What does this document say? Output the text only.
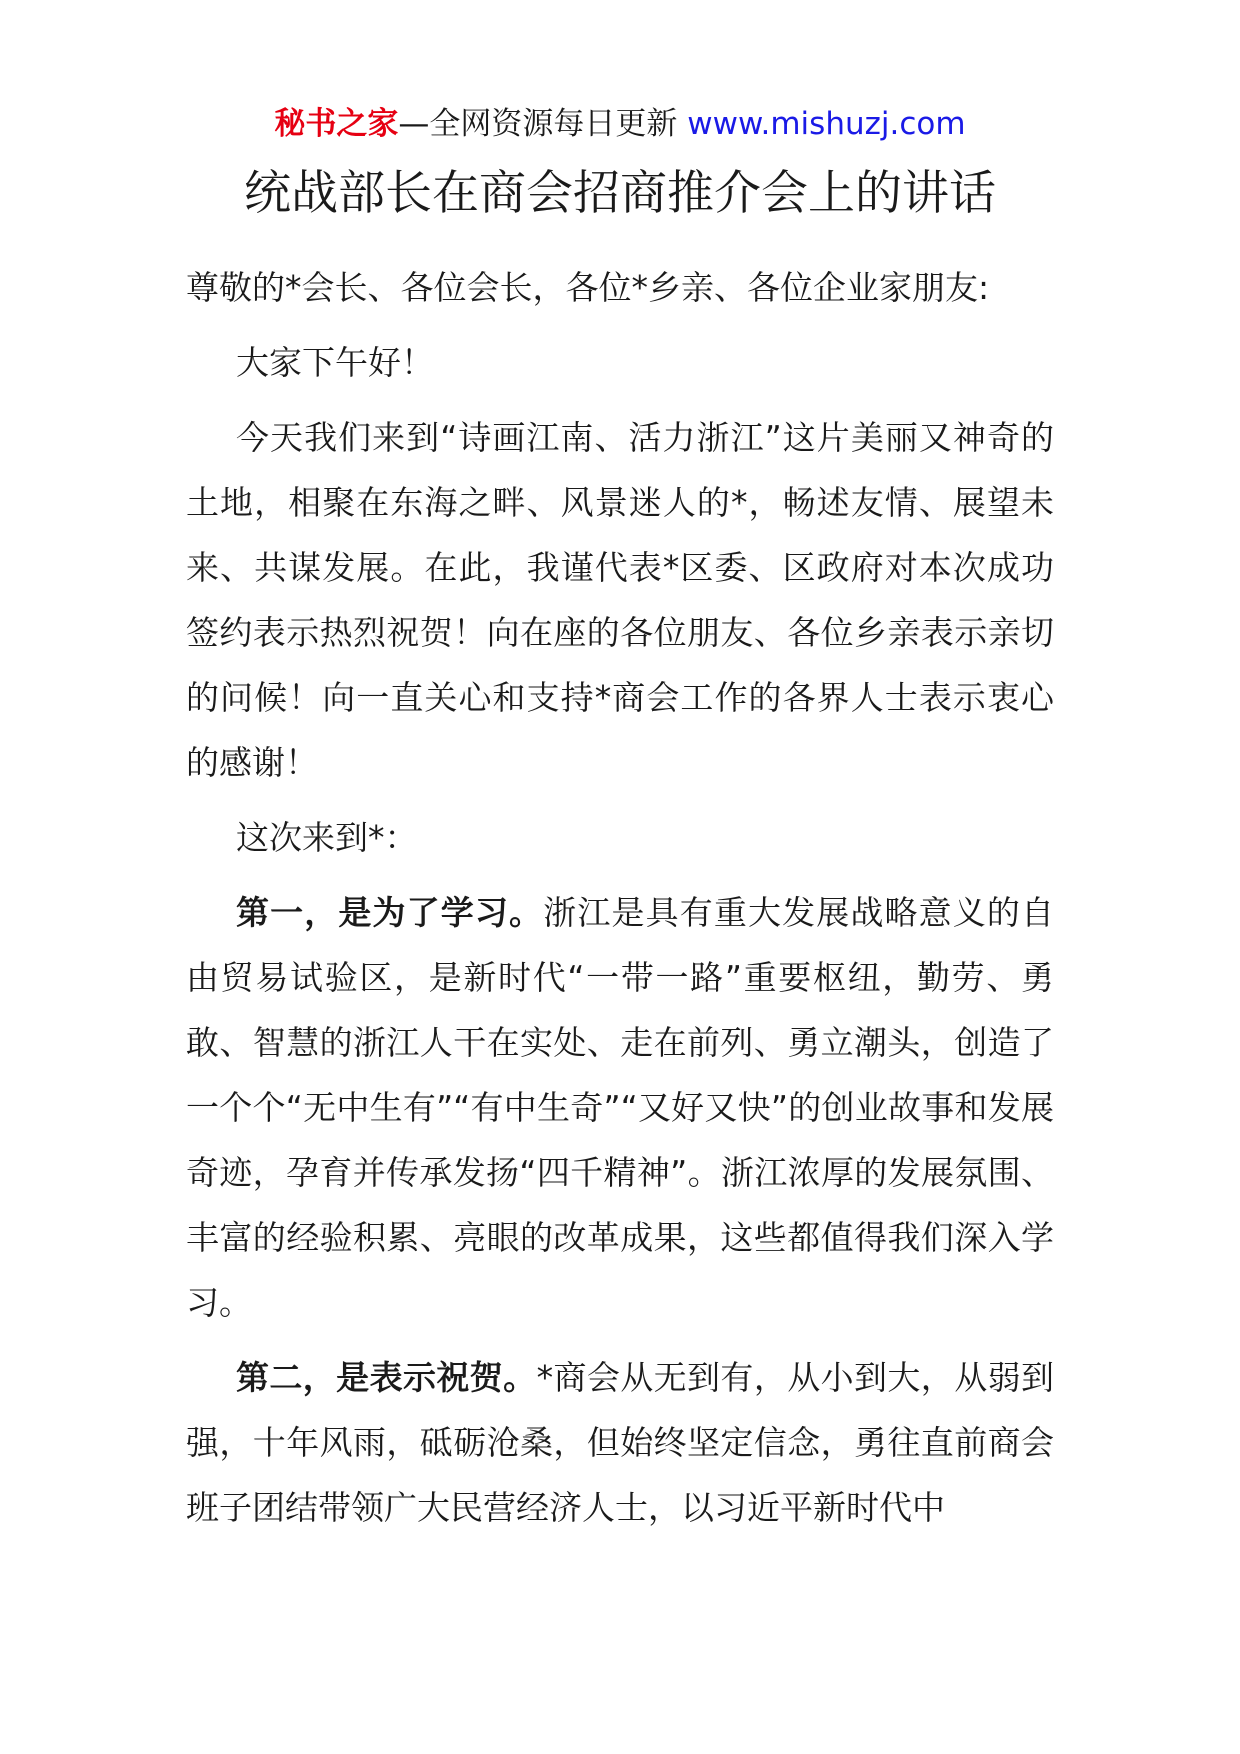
秘书之家—全网资源每日更新 www.mishuzj.com
统战部长在商会招商推介会上的讲话

尊敬的*会长、各位会长，各位*乡亲、各位企业家朋友:

大家下午好！

今天我们来到“诗画江南、活力浙江”这片美丽又神奇的土地，相聚在东海之畔、风景迷人的*，畅述友情、展望未来、共谋发展。在此，我谨代表*区委、区政府对本次成功签约表示热烈祝贺！向在座的各位朋友、各位乡亲表示亲切的问候！向一直关心和支持*商会工作的各界人士表示衷心的感谢！

这次来到*：

第一，是为了学习。浙江是具有重大发展战略意义的自由贸易试验区，是新时代“一带一路”重要枢纽，勤劳、勇敢、智慧的浙江人干在实处、走在前列、勇立潮头，创造了一个个“无中生有”“有中生奇”“又好又快”的创业故事和发展奇迹，孕育并传承发扬“四千精神”。浙江浓厚的发展氛围、丰富的经验积累、亮眼的改革成果，这些都值得我们深入学习。

第二，是表示祝贺。*商会从无到有，从小到大，从弱到强，十年风雨，砥砺沧桑，但始终坚定信念，勇往直前商会班子团结带领广大民营经济人士，以习近平新时代中
